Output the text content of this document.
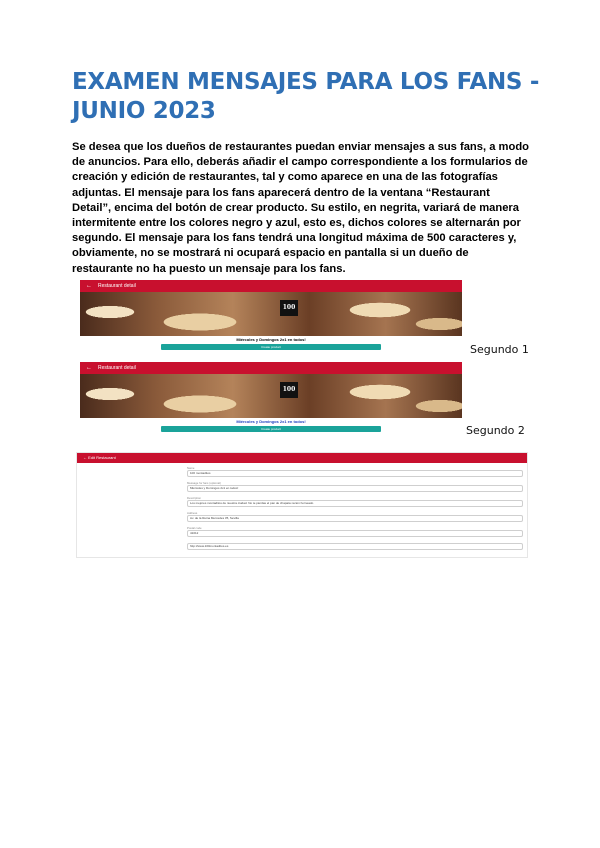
EXAMEN MENSAJES PARA LOS FANS - JUNIO 2023

Se desea que los dueños de restaurantes puedan enviar mensajes a sus fans, a modo de anuncios. Para ello, deberás añadir el campo correspondiente a los formularios de creación y edición de restaurantes, tal y como aparece en una de las fotografías adjuntas. El mensaje para los fans aparecerá dentro de la ventana “Restaurant Detail”, encima del botón de crear producto. Su estilo, en negrita, variará de manera intermitente entre los colores negro y azul, esto es, dichos colores se alternarán por segundo. El mensaje para los fans tendrá una longitud máxima de 500 caracteres y, obviamente, no se mostrará ni ocupará espacio en pantalla si un dueño de restaurante no ha puesto un mensaje para los fans.

← Restaurant detail
100
Miércoles y Domingos 2x1 en todos!
Create product	Segundo 1
← Restaurant detail
100
Miércoles y Domingos 2x1 en todos!
Create product	Segundo 2
← Edit Restaurant
Name
100 montaditos
Message for fans (optional)
Miércoles y Domingos 2x1 en todos!
Description
Los mejores montaditos de nuestra ciudad. No te pierdas el pan de chapata recién horneado
Address
Av. de la Reina Mercedes 35, Sevilla
Postal code
41012
http://www.100montaditos.es
